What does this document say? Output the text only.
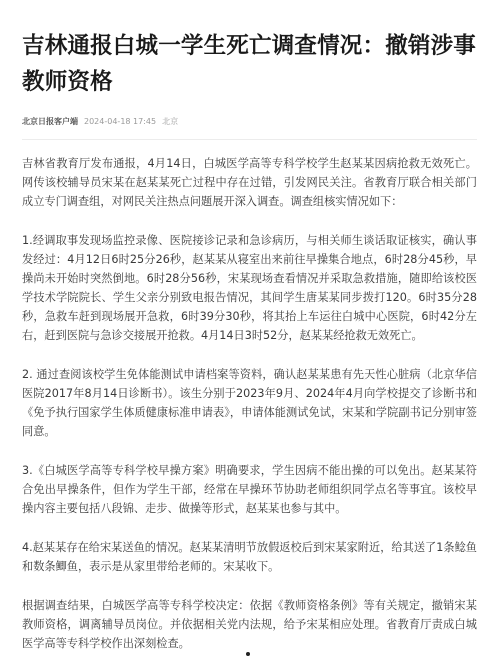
吉林通报白城一学生死亡调查情况：撤销涉事教师资格
北京日报客户端 2024-04-18 17:45 北京

吉林省教育厅发布通报，4月14日，白城医学高等专科学校学生赵某某因病抢救无效死亡。网传该校辅导员宋某在赵某某死亡过程中存在过错，引发网民关注。省教育厅联合相关部门成立专门调查组，对网民关注热点问题展开深入调查。调查组核实情况如下：

1.经调取事发现场监控录像、医院接诊记录和急诊病历，与相关师生谈话取证核实，确认事发经过：4月12日6时25分26秒，赵某某从寝室出来前往早操集合地点，6时28分45秒，早操尚未开始时突然倒地。6时28分56秒，宋某现场查看情况并采取急救措施，随即给该校医学技术学院院长、学生父亲分别致电报告情况，其间学生唐某某同步拨打120。6时35分28秒，急救车赶到现场展开急救，6时39分30秒，将其抬上车运往白城中心医院，6时42分左右，赶到医院与急诊交接展开抢救。4月14日3时52分，赵某某经抢救无效死亡。

2. 通过查阅该校学生免体能测试申请档案等资料，确认赵某某患有先天性心脏病（北京华信医院2017年8月14日诊断书）。该生分别于2023年9月、2024年4月向学校提交了诊断书和《免予执行国家学生体质健康标准申请表》，申请体能测试免试，宋某和学院副书记分别审签同意。

3.《白城医学高等专科学校早操方案》明确要求，学生因病不能出操的可以免出。赵某某符合免出早操条件，但作为学生干部，经常在早操环节协助老师组织同学点名等事宜。该校早操内容主要包括八段锦、走步、做操等形式，赵某某也参与其中。

4.赵某某存在给宋某送鱼的情况。赵某某清明节放假返校后到宋某家附近，给其送了1条鲶鱼和数条鲫鱼，表示是从家里带给老师的。宋某收下。

根据调查结果，白城医学高等专科学校决定：依据《教师资格条例》等有关规定，撤销宋某教师资格，调离辅导员岗位。并依据相关党内法规，给予宋某相应处理。省教育厅责成白城医学高等专科学校作出深刻检查。
